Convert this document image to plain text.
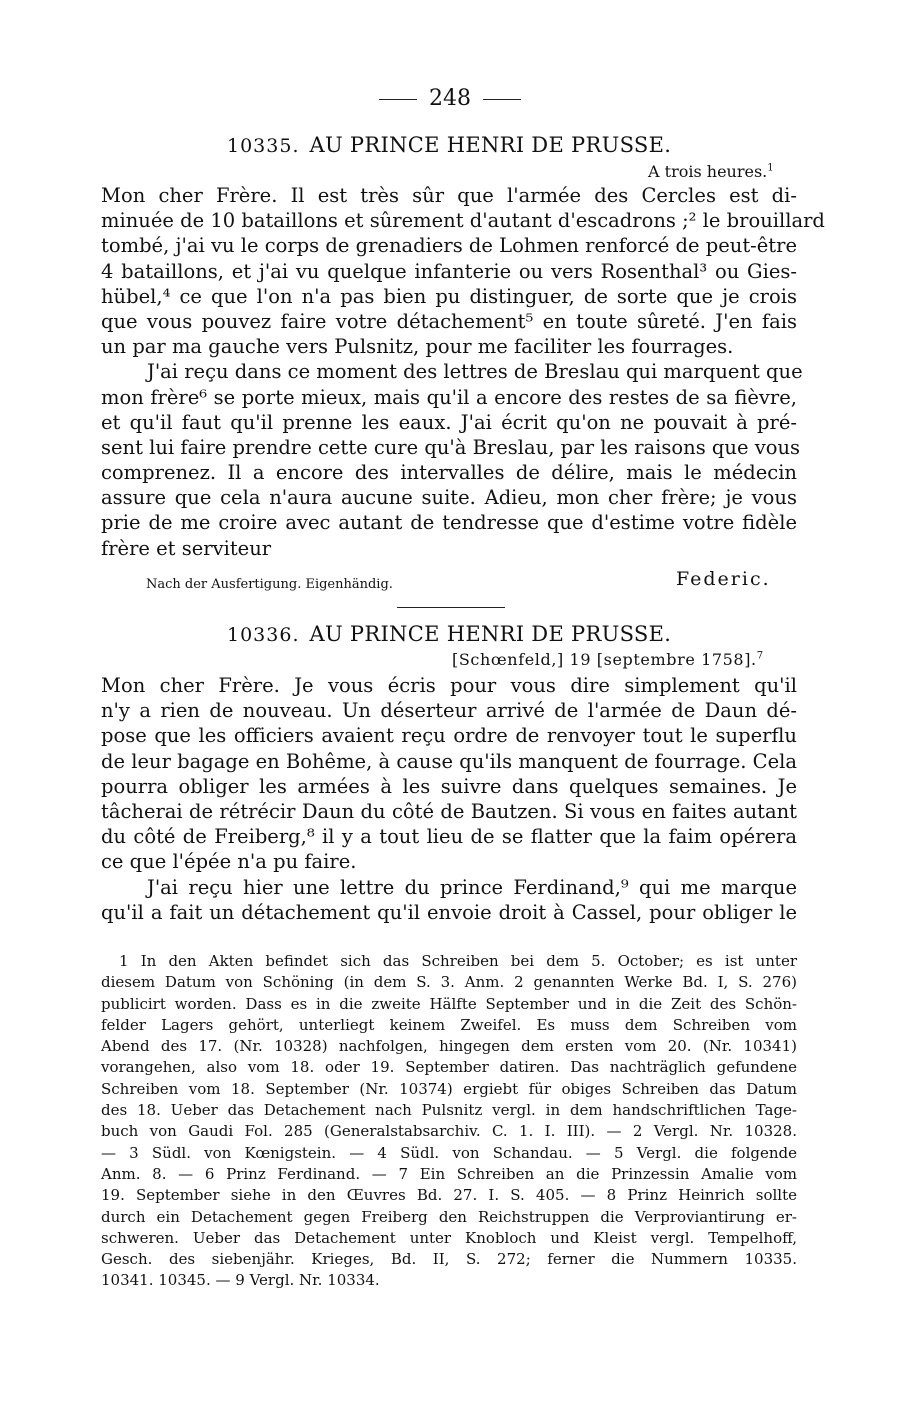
248
10335. AU PRINCE HENRI DE PRUSSE.
A trois heures.$^1$
Mon cher Frère. Il est très sûr que l'armée des Cercles est di-
minuée de 10 bataillons et sûrement d'autant d'escadrons ;² le brouillard
tombé, j'ai vu le corps de grenadiers de Lohmen renforcé de peut-être
4 bataillons, et j'ai vu quelque infanterie ou vers Rosenthal³ ou Gies-
hübel,⁴ ce que l'on n'a pas bien pu distinguer, de sorte que je crois
que vous pouvez faire votre détachement⁵ en toute sûreté. J'en fais
un par ma gauche vers Pulsnitz, pour me faciliter les fourrages.
J'ai reçu dans ce moment des lettres de Breslau qui marquent que
mon frère⁶ se porte mieux, mais qu'il a encore des restes de sa fièvre,
et qu'il faut qu'il prenne les eaux. J'ai écrit qu'on ne pouvait à pré-
sent lui faire prendre cette cure qu'à Breslau, par les raisons que vous
comprenez. Il a encore des intervalles de délire, mais le médecin
assure que cela n'aura aucune suite. Adieu, mon cher frère; je vous
prie de me croire avec autant de tendresse que d'estime votre fidèle
frère et serviteur
Nach der Ausfertigung. Eigenhändig.	Federic.
10336. AU PRINCE HENRI DE PRUSSE.
[Schœnfeld,] 19 [septembre 1758].$^7$
Mon cher Frère. Je vous écris pour vous dire simplement qu'il
n'y a rien de nouveau. Un déserteur arrivé de l'armée de Daun dé-
pose que les officiers avaient reçu ordre de renvoyer tout le superflu
de leur bagage en Bohême, à cause qu'ils manquent de fourrage. Cela
pourra obliger les armées à les suivre dans quelques semaines. Je
tâcherai de rétrécir Daun du côté de Bautzen. Si vous en faites autant
du côté de Freiberg,⁸ il y a tout lieu de se flatter que la faim opérera
ce que l'épée n'a pu faire.
J'ai reçu hier une lettre du prince Ferdinand,⁹ qui me marque
qu'il a fait un détachement qu'il envoie droit à Cassel, pour obliger le
1 In den Akten befindet sich das Schreiben bei dem 5. October; es ist unter
diesem Datum von Schöning (in dem S. 3. Anm. 2 genannten Werke Bd. I, S. 276)
publicirt worden. Dass es in die zweite Hälfte September und in die Zeit des Schön-
felder Lagers gehört, unterliegt keinem Zweifel. Es muss dem Schreiben vom
Abend des 17. (Nr. 10328) nachfolgen, hingegen dem ersten vom 20. (Nr. 10341)
vorangehen, also vom 18. oder 19. September datiren. Das nachträglich gefundene
Schreiben vom 18. September (Nr. 10374) ergiebt für obiges Schreiben das Datum
des 18. Ueber das Detachement nach Pulsnitz vergl. in dem handschriftlichen Tage-
buch von Gaudi Fol. 285 (Generalstabsarchiv. C. 1. I. III). — 2 Vergl. Nr. 10328.
— 3 Südl. von Kœnigstein. — 4 Südl. von Schandau. — 5 Vergl. die folgende
Anm. 8. — 6 Prinz Ferdinand. — 7 Ein Schreiben an die Prinzessin Amalie vom
19. September siehe in den Œuvres Bd. 27. I. S. 405. — 8 Prinz Heinrich sollte
durch ein Detachement gegen Freiberg den Reichstruppen die Verproviantirung er-
schweren. Ueber das Detachement unter Knobloch und Kleist vergl. Tempelhoff,
Gesch. des siebenjähr. Krieges, Bd. II, S. 272; ferner die Nummern 10335.
10341. 10345. — 9 Vergl. Nr. 10334.
